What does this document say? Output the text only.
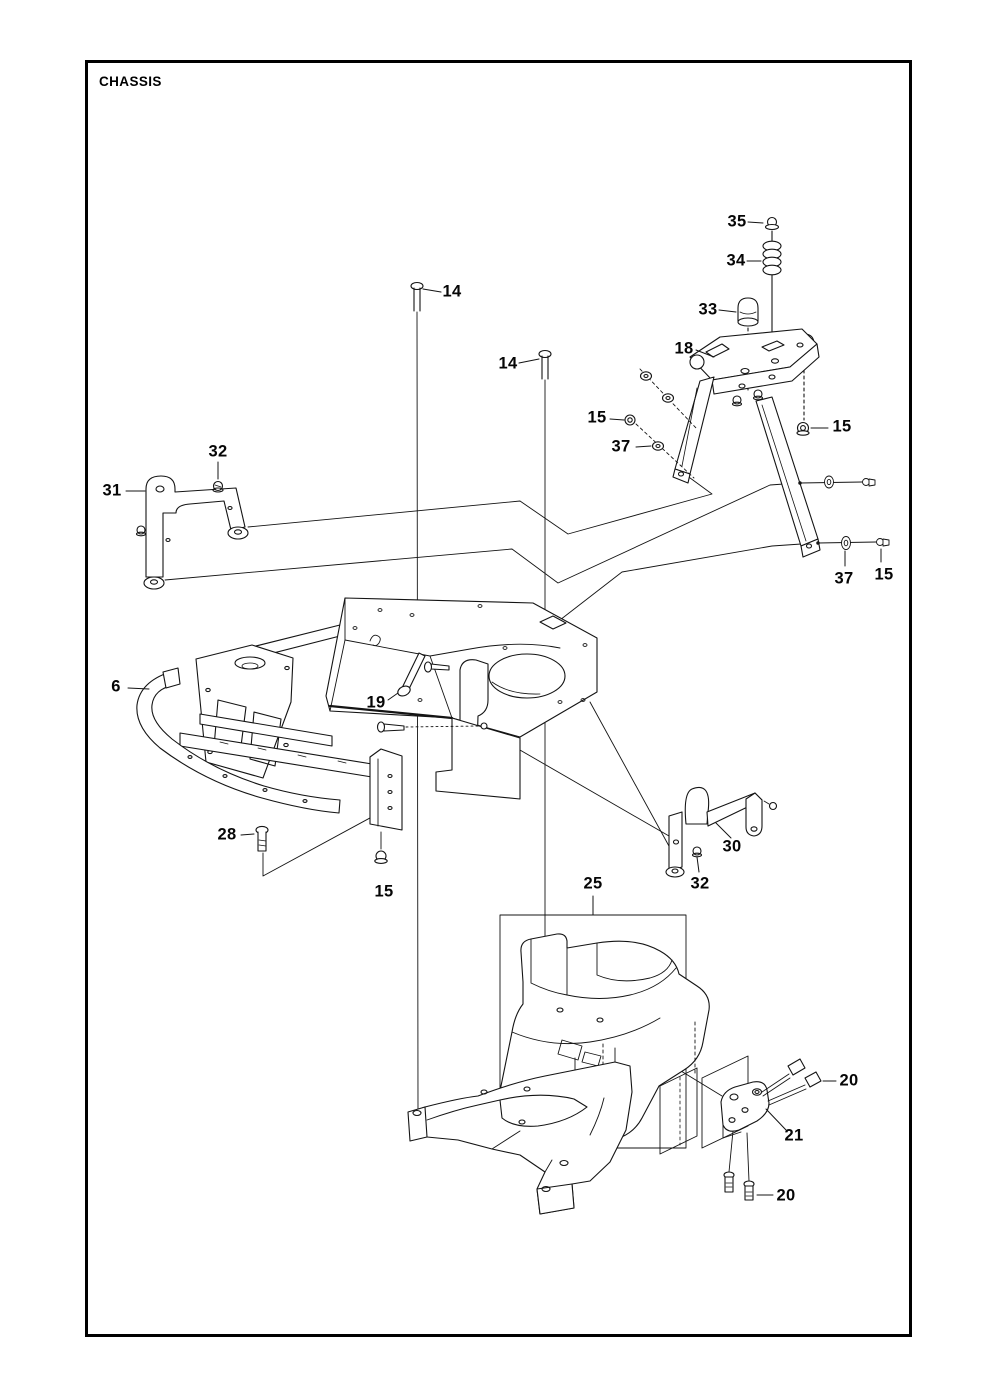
CHASSIS
35
34
33
18
14
14
15
37
15
37 15
32
31
6
19
28
15	25
30
32
20
21
20
